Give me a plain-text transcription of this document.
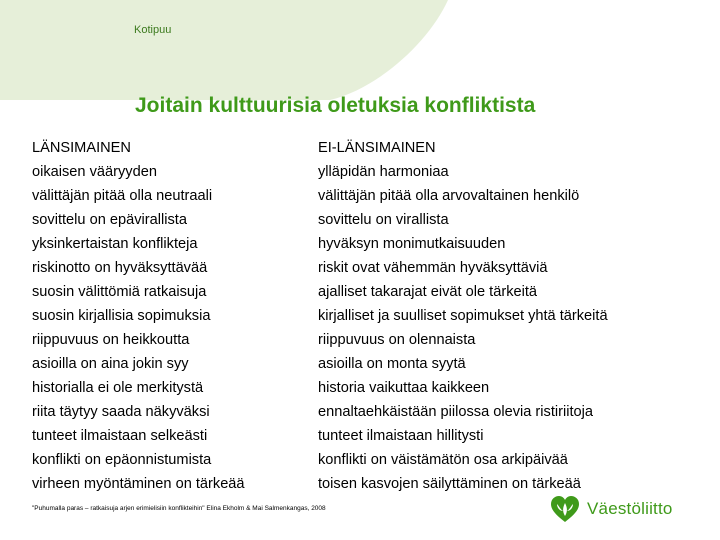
Kotipuu
Joitain kulttuurisia oletuksia konfliktista
LÄNSIMAINEN
oikaisen vääryyden
välittäjän pitää olla neutraali
sovittelu on epävirallista
yksinkertaistan konflikteja
riskinotto on hyväksyttävää
suosin välittömiä ratkaisuja
suosin kirjallisia sopimuksia
riippuvuus on heikkoutta
asioilla on aina jokin syy
historialla ei ole merkitystä
riita täytyy saada näkyväksi
tunteet ilmaistaan selkeästi
konflikti on epäonnistumista
virheen myöntäminen on tärkeää
EI-LÄNSIMAINEN
ylläpidän harmoniaa
välittäjän pitää olla arvovaltainen henkilö
sovittelu on virallista
hyväksyn monimutkaisuuden
riskit ovat vähemmän hyväksyttäviä
ajalliset takarajat eivät ole tärkeitä
kirjalliset ja suulliset sopimukset yhtä tärkeitä
riippuvuus on olennaista
asioilla on monta syytä
historia vaikuttaa kaikkeen
ennaltaehkäistään piilossa olevia ristiriitoja
tunteet ilmaistaan hillitysti
konflikti on väistämätön osa arkipäivää
toisen kasvojen säilyttäminen on tärkeää
"Puhumalla paras – ratkaisuja arjen erimielisiin konflikteihin" Elina Ekholm & Mai Salmenkangas, 2008	Väestöliitto
